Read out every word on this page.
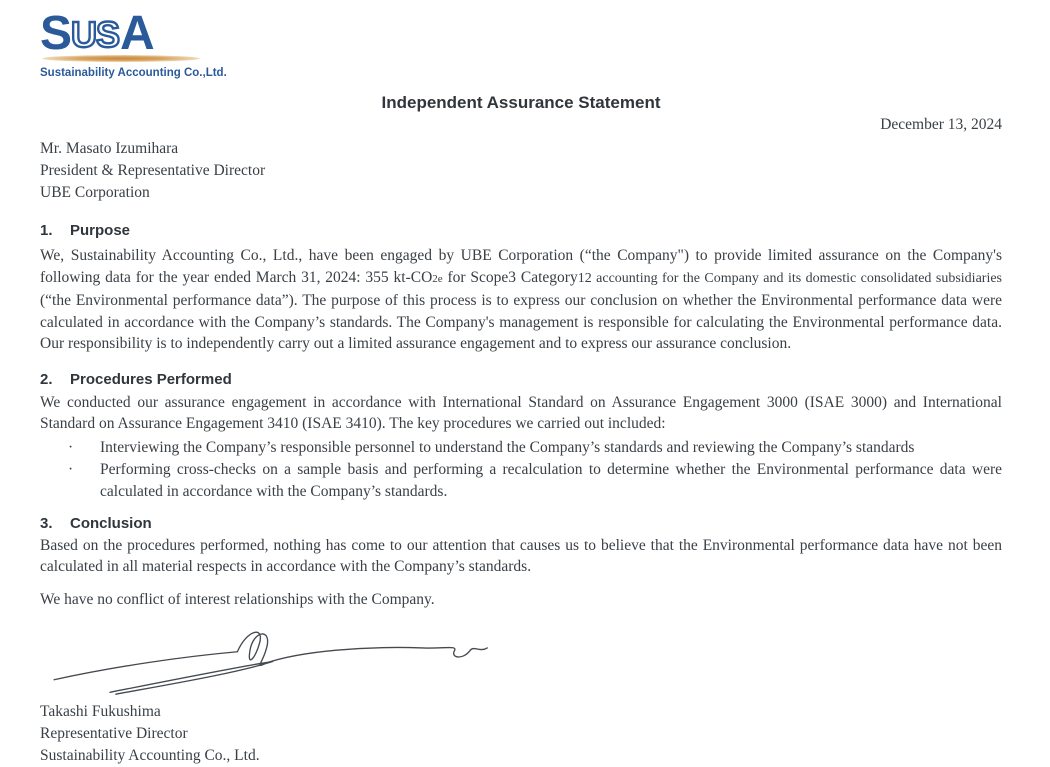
SUSA
Sustainability Accounting Co.,Ltd.
Independent Assurance Statement
December 13, 2024
Mr. Masato Izumihara
President & Representative Director
UBE Corporation
1.	Purpose

We, Sustainability Accounting Co., Ltd., have been engaged by UBE Corporation (“the Company") to provide limited assurance on the Company's following data for the year ended March 31, 2024: 355 kt-CO2e for Scope3 Category12 accounting for the Company and its domestic consolidated subsidiaries (“the Environmental performance data”). The purpose of this process is to express our conclusion on whether the Environmental performance data were calculated in accordance with the Company’s standards. The Company's management is responsible for calculating the Environmental performance data. Our responsibility is to independently carry out a limited assurance engagement and to express our assurance conclusion.

2.	Procedures Performed

We conducted our assurance engagement in accordance with International Standard on Assurance Engagement 3000 (ISAE 3000) and International Standard on Assurance Engagement 3410 (ISAE 3410). The key procedures we carried out included:

·	Interviewing the Company’s responsible personnel to understand the Company’s standards and reviewing the Company’s standards
·	Performing cross-checks on a sample basis and performing a recalculation to determine whether the Environmental performance data were calculated in accordance with the Company’s standards.
3.	Conclusion

Based on the procedures performed, nothing has come to our attention that causes us to believe that the Environmental performance data have not been calculated in all material respects in accordance with the Company’s standards.

We have no conflict of interest relationships with the Company.
Takashi Fukushima
Representative Director
Sustainability Accounting Co., Ltd.
